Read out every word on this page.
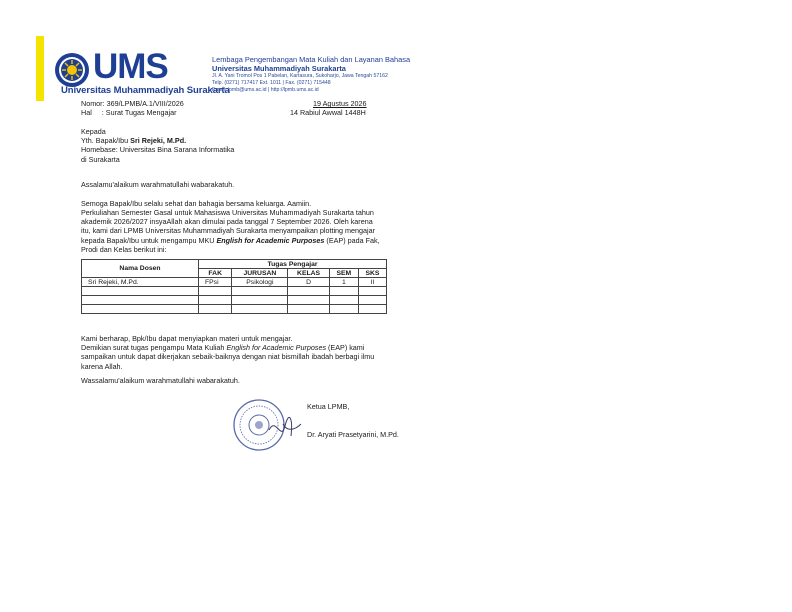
UMS
Universitas Muhammadiyah Surakarta
Lembaga Pengembangan Mata Kuliah dan Layanan Bahasa
Universitas Muhammadiyah Surakarta
Jl. A. Yani Tromol Pos 1 Pabelan, Kartasura, Sukoharjo, Jawa Tengah 57162
Telp. (0271) 717417 Ext. 1011 | Fax. (0271) 715448
Email: lpmb@ums.ac.id | http://lpmb.ums.ac.id
Nomor: 369/LPMB/A.1/VIII/2026
Hal     : Surat Tugas Mengajar
19 Agustus 2026
14 Rabiul Awwal 1448H
Kepada
Yth. Bapak/Ibu Sri Rejeki, M.Pd.
Homebase: Universitas Bina Sarana Informatika
di Surakarta
Assalamu'alaikum warahmatullahi wabarakatuh.
Semoga Bapak/Ibu selalu sehat dan bahagia bersama keluarga. Aamiin.
Perkuliahan Semester Gasal untuk Mahasiswa Universitas Muhammadiyah Surakarta tahun
akademik 2026/2027 insyaAllah akan dimulai pada tanggal 7 September 2026. Oleh karena
itu, kami dari LPMB Universitas Muhammadiyah Surakarta menyampaikan plotting mengajar
kepada Bapak/Ibu untuk mengampu MKU English for Academic Purposes (EAP) pada Fak,
Prodi dan Kelas berikut ini:
Nama Dosen	Tugas Pengajar				
	FAK	JURUSAN	KELAS	SEM	SKS
Sri Rejeki, M.Pd.	FPsi	Psikologi	D	1	II

Kami berharap, Bpk/Ibu dapat menyiapkan materi untuk mengajar.
Demikian surat tugas pengampu Mata Kuliah English for Academic Purposes (EAP) kami
sampaikan untuk dapat dikerjakan sebaik-baiknya dengan niat bismillah ibadah berbagi ilmu
karena Allah.
Wassalamu'alaikum warahmatullahi wabarakatuh.
Ketua LPMB,
Dr. Aryati Prasetyarini, M.Pd.
